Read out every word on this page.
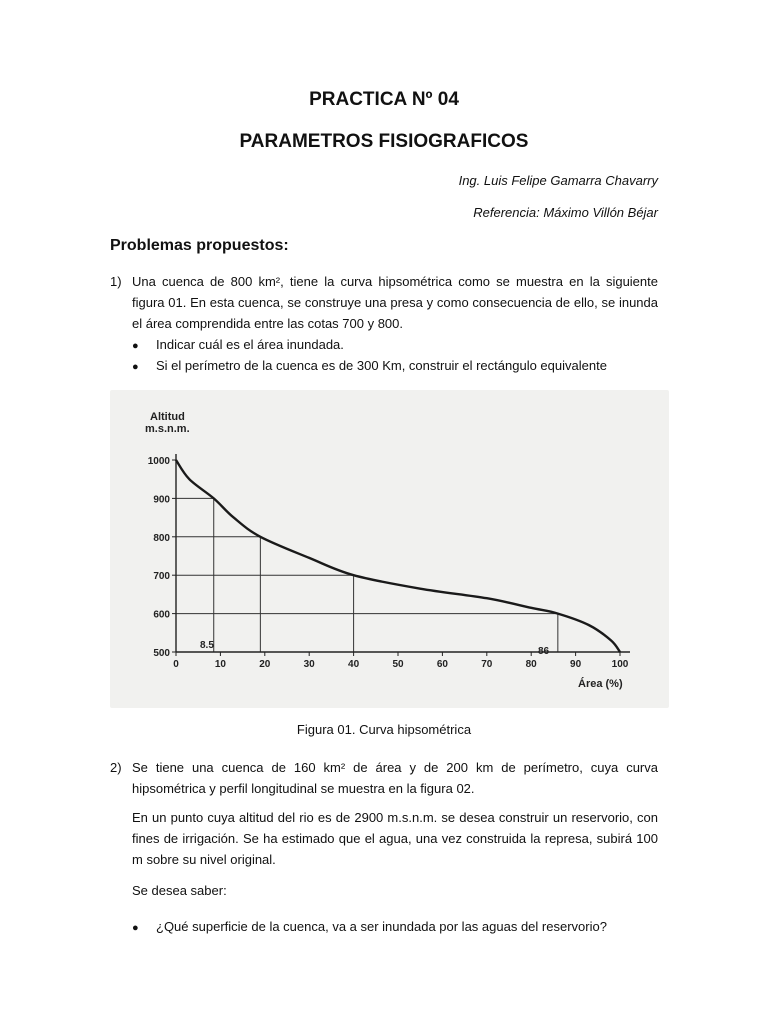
PRACTICA Nº 04
PARAMETROS FISIOGRAFICOS
Ing. Luis Felipe Gamarra Chavarry
Referencia: Máximo Villón Béjar
Problemas propuestos:
1) Una cuenca de 800 km², tiene la curva hipsométrica como se muestra en la siguiente figura 01. En esta cuenca, se construye una presa y como consecuencia de ello, se inunda el área comprendida entre las cotas 700 y 800.
● Indicar cuál es el área inundada.
● Si el perímetro de la cuenca es de 300 Km, construir el rectángulo equivalente
0	10	20	30	40	50	60	70	80	90	100
500
600
700
800
900
1000
Altitud
m.s.n.m.
Área (%)
8.5
86
Figura 01. Curva hipsométrica
2) Se tiene una cuenca de 160 km² de área y de 200 km de perímetro, cuya curva hipsométrica y perfil longitudinal se muestra en la figura 02.
En un punto cuya altitud del rio es de 2900 m.s.n.m. se desea construir un reservorio, con fines de irrigación. Se ha estimado que el agua, una vez construida la represa, subirá 100 m sobre su nivel original.
Se desea saber:
● ¿Qué superficie de la cuenca, va a ser inundada por las aguas del reservorio?
